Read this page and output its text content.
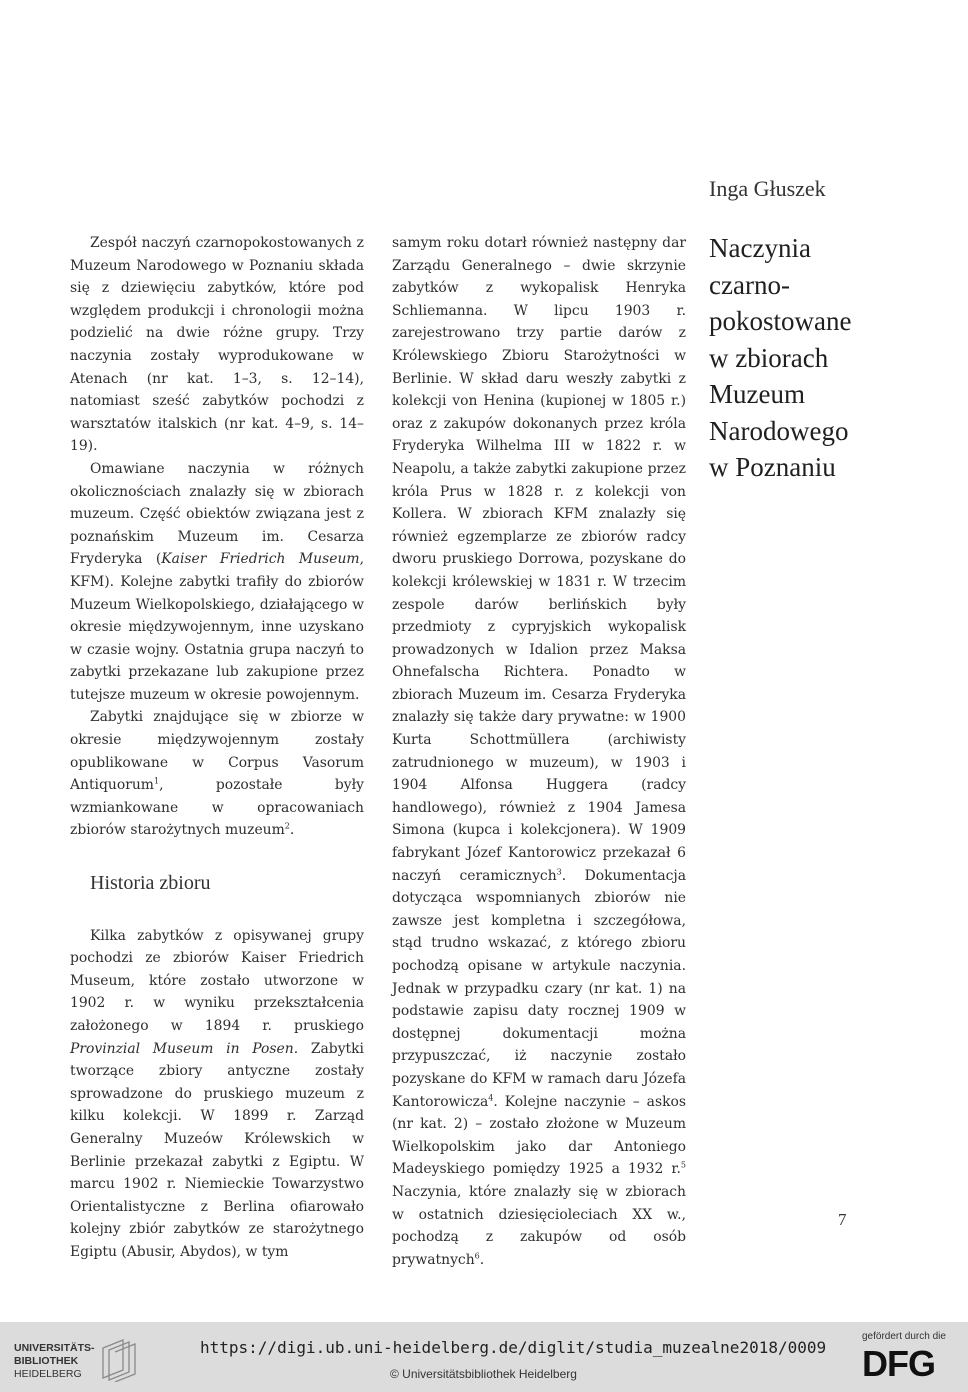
Inga Głuszek
Naczynia
czarno-
pokostowane
w zbiorach
Muzeum
Narodowego
w Poznaniu

Zespół naczyń czarnopokostowanych z Muzeum Narodowego w Poznaniu składa się z dziewięciu zabytków, które pod względem produkcji i chronologii można podzielić na dwie różne grupy. Trzy naczynia zostały wyprodukowane w Atenach (nr kat. 1–3, s. 12–14), natomiast sześć zabytków pochodzi z warsztatów italskich (nr kat. 4–9, s. 14–19).

Omawiane naczynia w różnych okolicznościach znalazły się w zbiorach muzeum. Część obiektów związana jest z poznańskim Muzeum im. Cesarza Fryderyka (Kaiser Friedrich Museum, KFM). Kolejne zabytki trafiły do zbiorów Muzeum Wielkopolskiego, działającego w okresie międzywojennym, inne uzyskano w czasie wojny. Ostatnia grupa naczyń to zabytki przekazane lub zakupione przez tutejsze muzeum w okresie powojennym.

Zabytki znajdujące się w zbiorze w okresie międzywojennym zostały opublikowane w Corpus Vasorum Antiquorum$^1$, pozostałe były wzmiankowane w opracowaniach zbiorów starożytnych muzeum$^2$.

Historia zbioru

Kilka zabytków z opisywanej grupy pochodzi ze zbiorów Kaiser Friedrich Museum, które zostało utworzone w 1902 r. w wyniku przekształcenia założonego w 1894 r. pruskiego Provinzial Museum in Posen. Zabytki tworzące zbiory antyczne zostały sprowadzone do pruskiego muzeum z kilku kolekcji. W 1899 r. Zarząd Generalny Muzeów Królewskich w Berlinie przekazał zabytki z Egiptu. W marcu 1902 r. Niemieckie Towarzystwo Orientalistyczne z Berlina ofiarowało kolejny zbiór zabytków ze starożytnego Egiptu (Abusir, Abydos), w tym

samym roku dotarł również następny dar Zarządu Generalnego – dwie skrzynie zabytków z wykopalisk Henryka Schliemanna. W lipcu 1903 r. zarejestrowano trzy partie darów z Królewskiego Zbioru Starożytności w Berlinie. W skład daru weszły zabytki z kolekcji von Henina (kupionej w 1805 r.) oraz z zakupów dokonanych przez króla Fryderyka Wilhelma III w 1822 r. w Neapolu, a także zabytki zakupione przez króla Prus w 1828 r. z kolekcji von Kollera. W zbiorach KFM znalazły się również egzemplarze ze zbiorów radcy dworu pruskiego Dorrowa, pozyskane do kolekcji królewskiej w 1831 r. W trzecim zespole darów berlińskich były przedmioty z cypryjskich wykopalisk prowadzonych w Idalion przez Maksa Ohnefalscha Richtera. Ponadto w zbiorach Muzeum im. Cesarza Fryderyka znalazły się także dary prywatne: w 1900 Kurta Schottmüllera (archiwisty zatrudnionego w muzeum), w 1903 i 1904 Alfonsa Huggera (radcy handlowego), również z 1904 Jamesa Simona (kupca i kolekcjonera). W 1909 fabrykant Józef Kantorowicz przekazał 6 naczyń ceramicznych$^3$. Dokumentacja dotycząca wspomnianych zbiorów nie zawsze jest kompletna i szczegółowa, stąd trudno wskazać, z którego zbioru pochodzą opisane w artykule naczynia. Jednak w przypadku czary (nr kat. 1) na podstawie zapisu daty rocznej 1909 w dostępnej dokumentacji można przypuszczać, iż naczynie zostało pozyskane do KFM w ramach daru Józefa Kantorowicza$^4$. Kolejne naczynie – askos (nr kat. 2) – zostało złożone w Muzeum Wielkopolskim jako dar Antoniego Madeyskiego pomiędzy 1925 a 1932 r.$^5$ Naczynia, które znalazły się w zbiorach w ostatnich dziesięcioleciach XX w., pochodzą z zakupów od osób prywatnych$^6$.

7
UNIVERSITÄTS-
BIBLIOTHEK
HEIDELBERG
https://digi.ub.uni-heidelberg.de/diglit/studia_muzealne2018/0009
© Universitätsbibliothek Heidelberg
gefördert durch die
DFG
